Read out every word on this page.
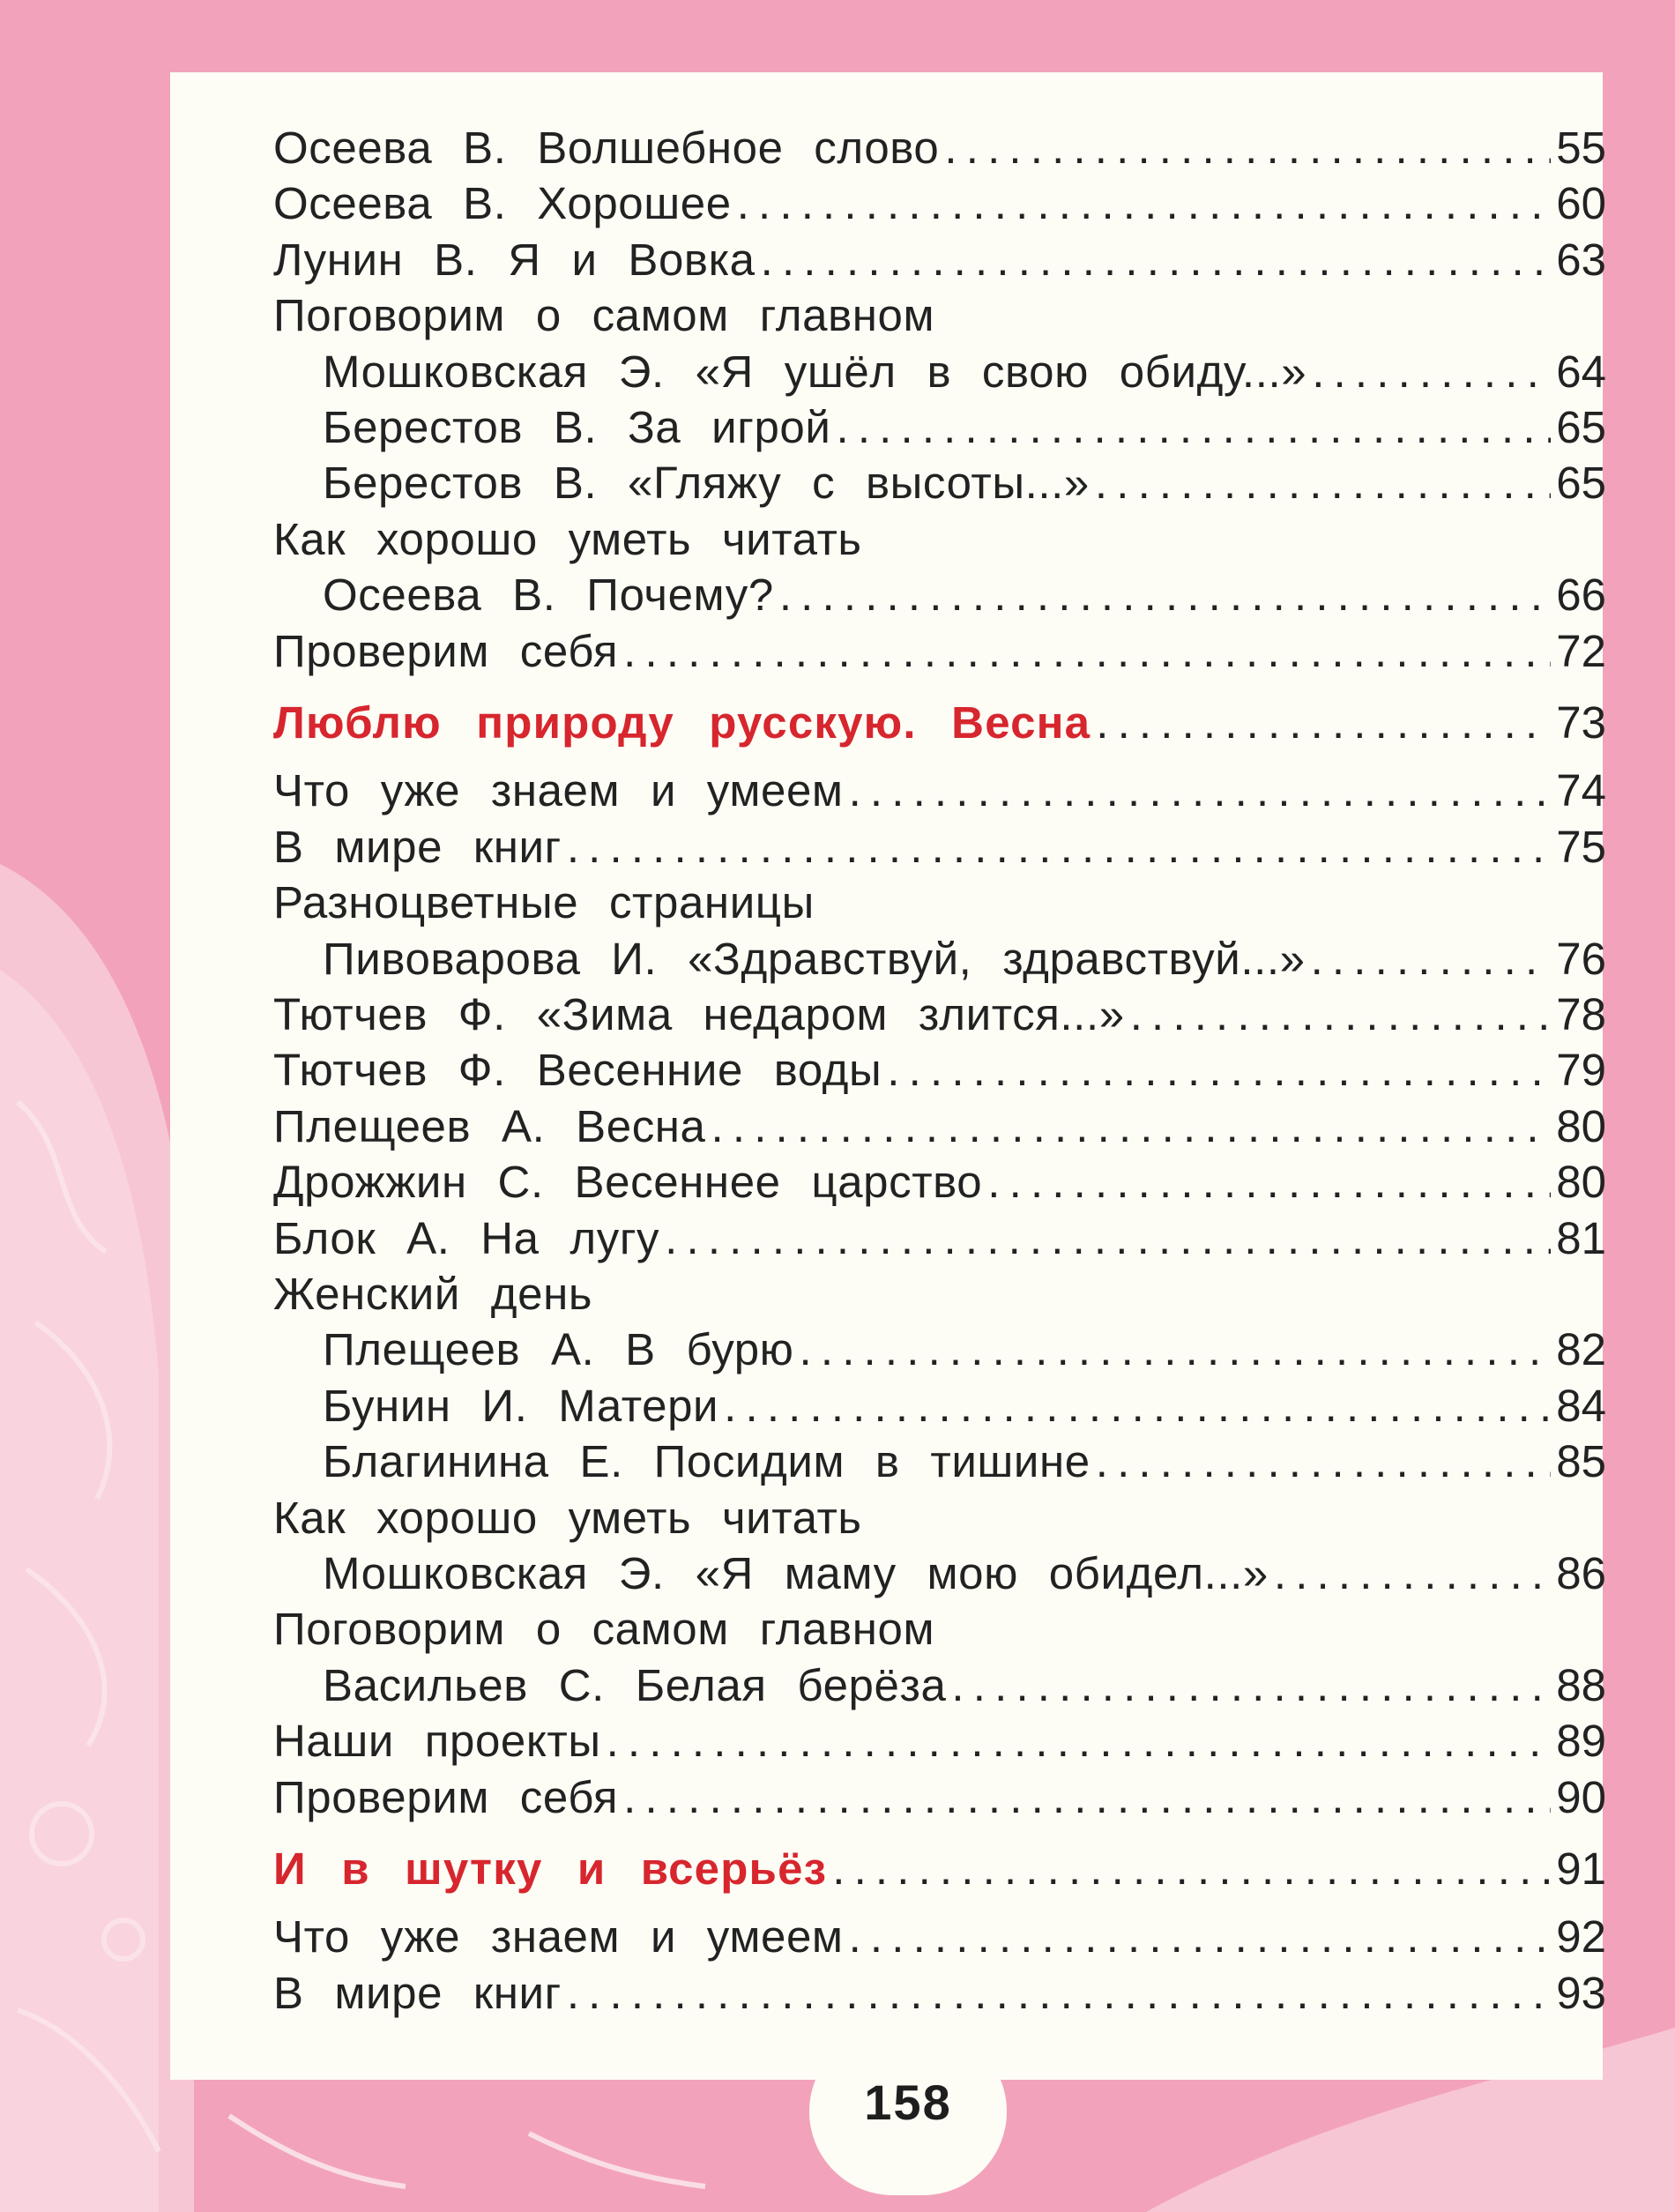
158
Осеева В. Волшебное слово . . .	55
Осеева В. Хорошее . . .	60
Лунин В. Я и Вовка . . .	63
Поговорим о самом главном
Мошковская Э. «Я ушёл в свою обиду...» . . .	64
Берестов В. За игрой . . .	65
Берестов В. «Гляжу с высоты...» . . .	65
Как хорошо уметь читать
Осеева В. Почему? . . .	66
Проверим себя . . .	72
Люблю природу русскую. Весна . . .	73
Что уже знаем и умеем . . .	74
В мире книг . . .	75
Разноцветные страницы
Пивоварова И. «Здравствуй, здравствуй...» . . .	76
Тютчев Ф. «Зима недаром злится...» . . .	78
Тютчев Ф. Весенние воды . . .	79
Плещеев А. Весна . . .	80
Дрожжин С. Весеннее царство . . .	80
Блок А. На лугу . . .	81
Женский день
Плещеев А. В бурю . . .	82
Бунин И. Матери . . .	84
Благинина Е. Посидим в тишине . . .	85
Как хорошо уметь читать
Мошковская Э. «Я маму мою обидел...» . . .	86
Поговорим о самом главном
Васильев С. Белая берёза . . .	88
Наши проекты . . .	89
Проверим себя . . .	90
И в шутку и всерьёз . . .	91
Что уже знаем и умеем . . .	92
В мире книг . . .	93
